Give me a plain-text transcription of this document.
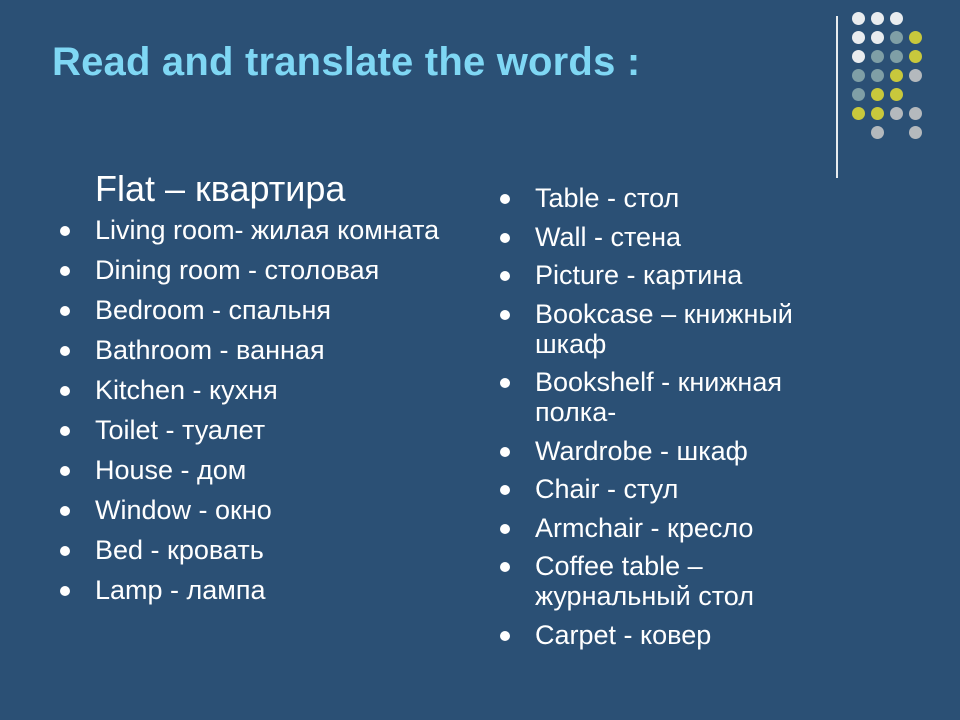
Read and translate the words :
Flat – квартира
Living room- жилая комната
Dining room - столовая
Bedroom - спальня
Bathroom - ванная
Kitchen - кухня
Toilet - туалет
House - дом
Window - окно
Bed - кровать
Lamp - лампа
Table - стол
Wall - стена
Picture - картина
Bookcase – книжный шкаф
Bookshelf - книжная полка-
Wardrobe - шкаф
Chair - стул
Armchair - кресло
Coffee table – журнальный стол
Carpet - ковер
